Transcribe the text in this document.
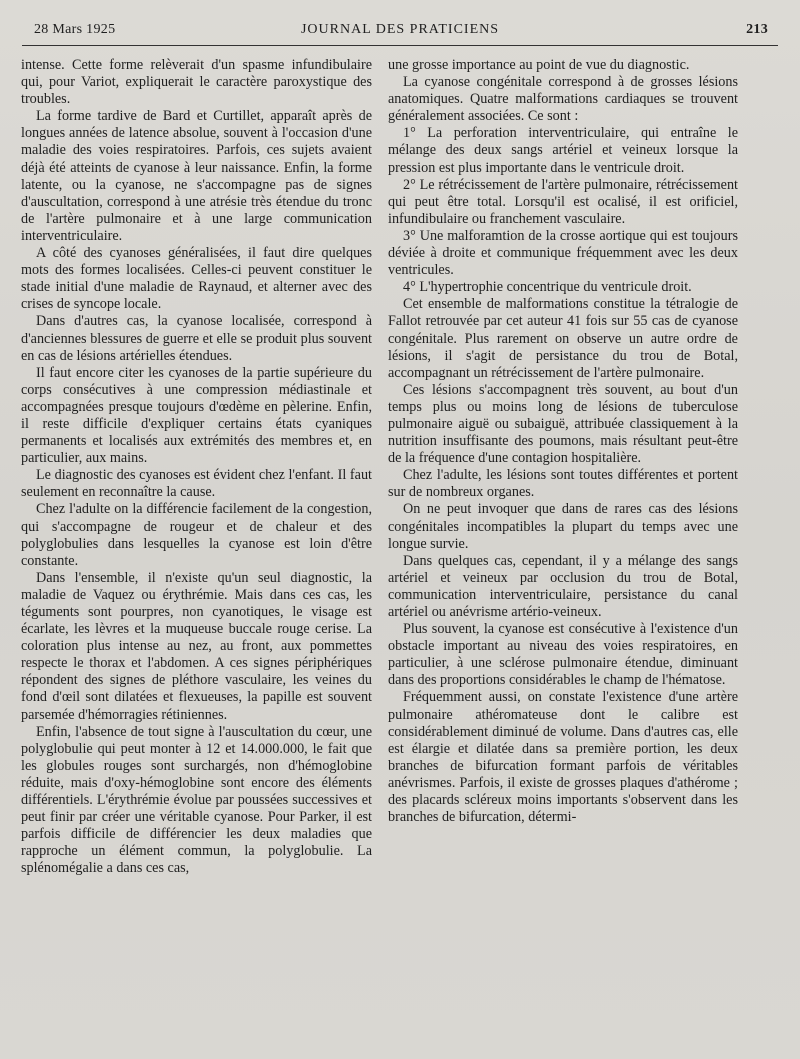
28 Mars 1925	JOURNAL DES PRATICIENS	213

intense. Cette forme relèverait d'un spasme infundibulaire qui, pour Variot, expliquerait le caractère paroxystique des troubles.

La forme tardive de Bard et Curtillet, apparaît après de longues années de latence absolue, souvent à l'occasion d'une maladie des voies respiratoires. Parfois, ces sujets avaient déjà été atteints de cyanose à leur naissance. Enfin, la forme latente, ou la cyanose, ne s'accompagne pas de signes d'auscultation, correspond à une atrésie très étendue du tronc de l'artère pulmonaire et à une large communication interventriculaire.

A côté des cyanoses généralisées, il faut dire quelques mots des formes localisées. Celles-ci peuvent constituer le stade initial d'une maladie de Raynaud, et alterner avec des crises de syncope locale.

Dans d'autres cas, la cyanose localisée, correspond à d'anciennes blessures de guerre et elle se produit plus souvent en cas de lésions artérielles étendues.

Il faut encore citer les cyanoses de la partie supérieure du corps consécutives à une compression médiastinale et accompagnées presque toujours d'œdème en pèlerine. Enfin, il reste difficile d'expliquer certains états cyaniques permanents et localisés aux extrémités des membres et, en particulier, aux mains.

Le diagnostic des cyanoses est évident chez l'enfant. Il faut seulement en reconnaître la cause.

Chez l'adulte on la différencie facilement de la congestion, qui s'accompagne de rougeur et de chaleur et des polyglobulies dans lesquelles la cyanose est loin d'être constante.

Dans l'ensemble, il n'existe qu'un seul diagnostic, la maladie de Vaquez ou érythrémie. Mais dans ces cas, les téguments sont pourpres, non cyanotiques, le visage est écarlate, les lèvres et la muqueuse buccale rouge cerise. La coloration plus intense au nez, au front, aux pommettes respecte le thorax et l'abdomen. A ces signes périphériques répondent des signes de pléthore vasculaire, les veines du fond d'œil sont dilatées et flexueuses, la papille est souvent parsemée d'hémorragies rétiniennes.

Enfin, l'absence de tout signe à l'auscultation du cœur, une polyglobulie qui peut monter à 12 et 14.000.000, le fait que les globules rouges sont surchargés, non d'hémoglobine réduite, mais d'oxy-hémoglobine sont encore des éléments différentiels. L'érythrémie évolue par poussées successives et peut finir par créer une véritable cyanose. Pour Parker, il est parfois difficile de différencier les deux maladies que rapproche un élément commun, la polyglobulie. La splénomégalie a dans ces cas,

une grosse importance au point de vue du diagnostic.

La cyanose congénitale correspond à de grosses lésions anatomiques. Quatre malformations cardiaques se trouvent généralement associées. Ce sont :

1° La perforation interventriculaire, qui entraîne le mélange des deux sangs artériel et veineux lorsque la pression est plus importante dans le ventricule droit.

2° Le rétrécissement de l'artère pulmonaire, rétrécissement qui peut être total. Lorsqu'il est ocalisé, il est orificiel, infundibulaire ou franchement vasculaire.

3° Une malforamtion de la crosse aortique qui est toujours déviée à droite et communique fréquemment avec les deux ventricules.

4° L'hypertrophie concentrique du ventricule droit.

Cet ensemble de malformations constitue la tétralogie de Fallot retrouvée par cet auteur 41 fois sur 55 cas de cyanose congénitale. Plus rarement on observe un autre ordre de lésions, il s'agit de persistance du trou de Botal, accompagnant un rétrécissement de l'artère pulmonaire.

Ces lésions s'accompagnent très souvent, au bout d'un temps plus ou moins long de lésions de tuberculose pulmonaire aiguë ou subaiguë, attribuée classiquement à la nutrition insuffisante des poumons, mais résultant peut-être de la fréquence d'une contagion hospitalière.

Chez l'adulte, les lésions sont toutes différentes et portent sur de nombreux organes.

On ne peut invoquer que dans de rares cas des lésions congénitales incompatibles la plupart du temps avec une longue survie.

Dans quelques cas, cependant, il y a mélange des sangs artériel et veineux par occlusion du trou de Botal, communication interventriculaire, persistance du canal artériel ou anévrisme artério-veineux.

Plus souvent, la cyanose est consécutive à l'existence d'un obstacle important au niveau des voies respiratoires, en particulier, à une sclérose pulmonaire étendue, diminuant dans des proportions considérables le champ de l'hématose.

Fréquemment aussi, on constate l'existence d'une artère pulmonaire athéromateuse dont le calibre est considérablement diminué de volume. Dans d'autres cas, elle est élargie et dilatée dans sa première portion, les deux branches de bifurcation formant parfois de véritables anévrismes. Parfois, il existe de grosses plaques d'athérome ; des placards scléreux moins importants s'observent dans les branches de bifurcation, détermi-
